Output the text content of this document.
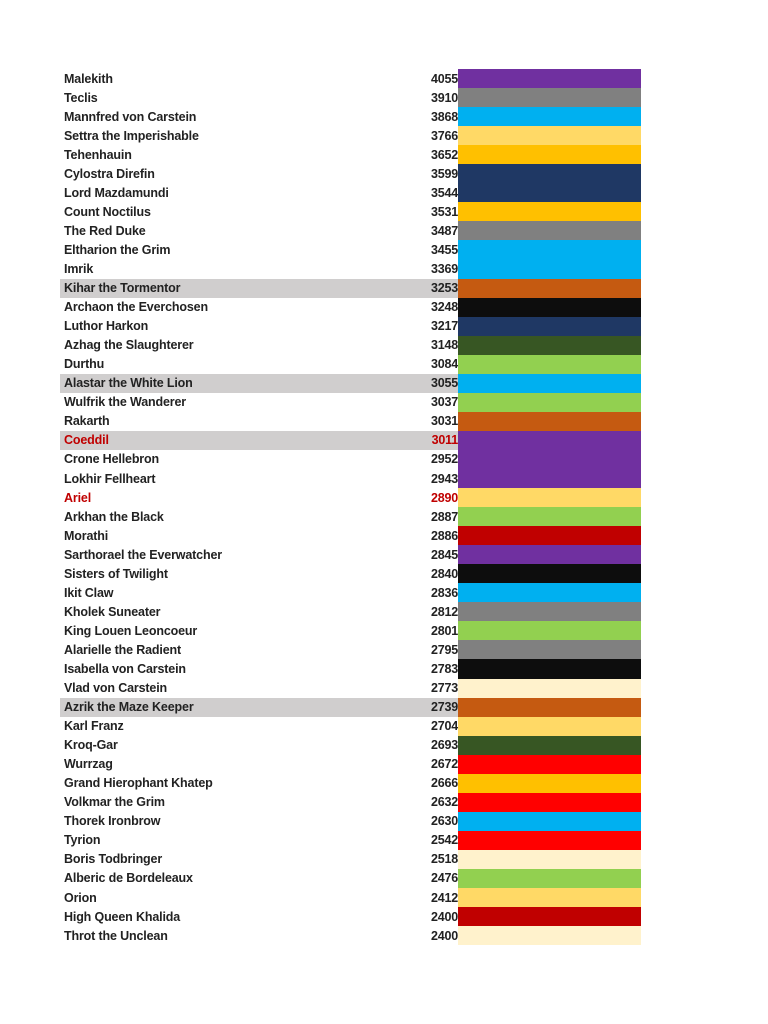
Malekith	4055
Teclis	3910
Mannfred von Carstein	3868
Settra the Imperishable	3766
Tehenhauin	3652
Cylostra Direfin	3599
Lord Mazdamundi	3544
Count Noctilus	3531
The Red Duke	3487
Eltharion the Grim	3455
Imrik	3369
Kihar the Tormentor	3253
Archaon the Everchosen	3248
Luthor Harkon	3217
Azhag the Slaughterer	3148
Durthu	3084
Alastar the White Lion	3055
Wulfrik the Wanderer	3037
Rakarth	3031
Coeddil	3011
Crone Hellebron	2952
Lokhir Fellheart	2943
Ariel	2890
Arkhan the Black	2887
Morathi	2886
Sarthorael the Everwatcher	2845
Sisters of Twilight	2840
Ikit Claw	2836
Kholek Suneater	2812
King Louen Leoncoeur	2801
Alarielle the Radient	2795
Isabella von Carstein	2783
Vlad von Carstein	2773
Azrik the Maze Keeper	2739
Karl Franz	2704
Kroq-Gar	2693
Wurrzag	2672
Grand Hierophant Khatep	2666
Volkmar the Grim	2632
Thorek Ironbrow	2630
Tyrion	2542
Boris Todbringer	2518
Alberic de Bordeleaux	2476
Orion	2412
High Queen Khalida	2400
Throt the Unclean	2400
